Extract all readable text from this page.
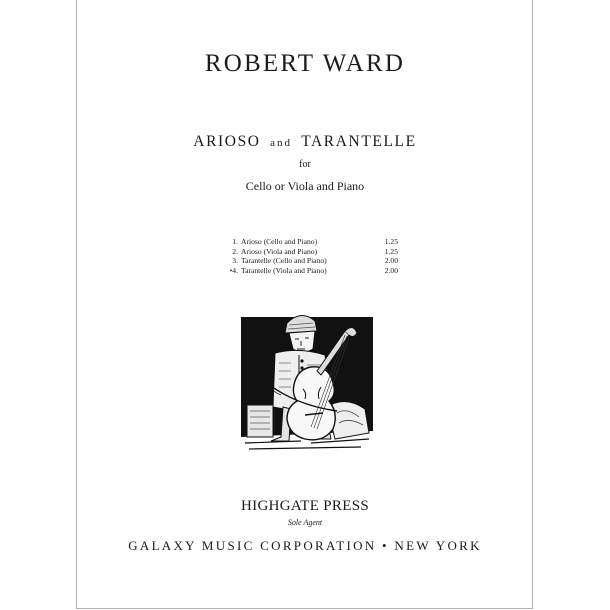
ROBERT WARD
ARIOSO and TARANTELLE
for
Cello or Viola and Piano
1. Arioso (Cello and Piano)	1.25
2. Arioso (Viola and Piano)	1.25
3. Tarantelle (Cello and Piano)	2.00
•4. Tarantelle (Viola and Piano)	2.00
HIGHGATE PRESS
Sole Agent
GALAXY MUSIC CORPORATION • NEW YORK
